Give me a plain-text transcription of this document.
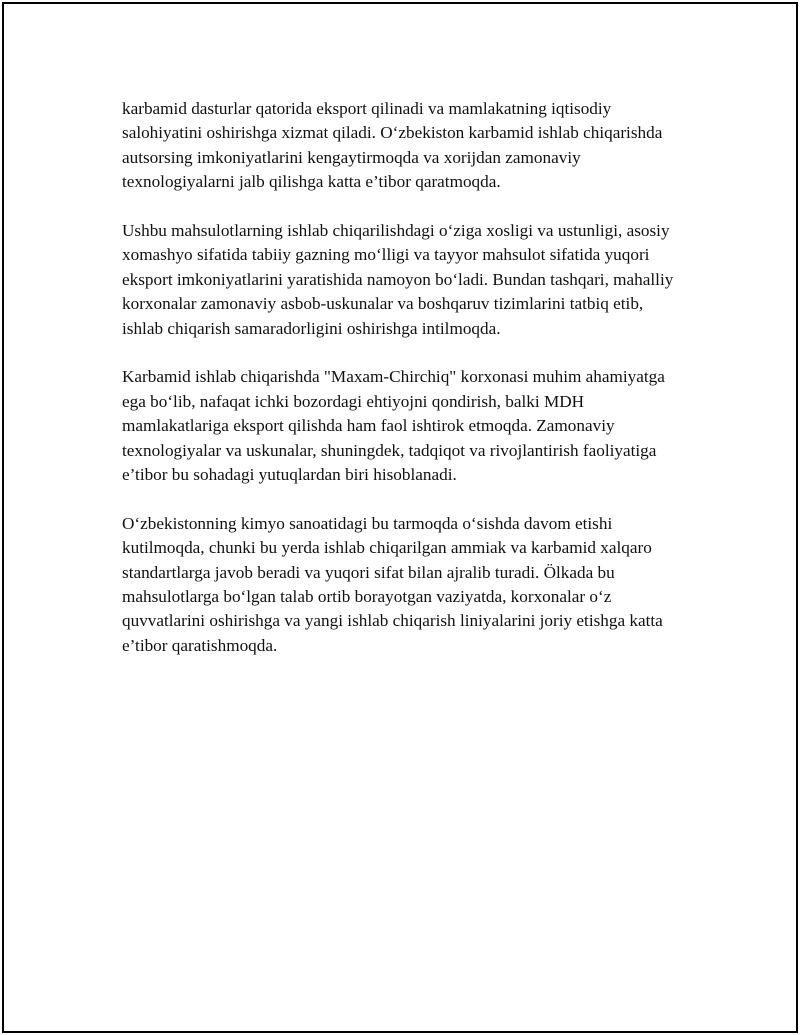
karbamid dasturlar qatorida eksport qilinadi va mamlakatning iqtisodiy salohiyatini oshirishga xizmat qiladi. O‘zbekiston karbamid ishlab chiqarishda autsorsing imkoniyatlarini kengaytirmoqda va xorijdan zamonaviy texnologiyalarni jalb qilishga katta e’tibor qaratmoqda.

Ushbu mahsulotlarning ishlab chiqarilishdagi o‘ziga xosligi va ustunligi, asosiy xomashyo sifatida tabiiy gazning mo‘lligi va tayyor mahsulot sifatida yuqori eksport imkoniyatlarini yaratishida namoyon bo‘ladi. Bundan tashqari, mahalliy korxonalar zamonaviy asbob-uskunalar va boshqaruv tizimlarini tatbiq etib, ishlab chiqarish samaradorligini oshirishga intilmoqda.

Karbamid ishlab chiqarishda "Maxam-Chirchiq" korxonasi muhim ahamiyatga ega bo‘lib, nafaqat ichki bozordagi ehtiyojni qondirish, balki MDH mamlakatlariga eksport qilishda ham faol ishtirok etmoqda. Zamonaviy texnologiyalar va uskunalar, shuningdek, tadqiqot va rivojlantirish faoliyatiga e’tibor bu sohadagi yutuqlardan biri hisoblanadi.

O‘zbekistonning kimyo sanoatidagi bu tarmoqda o‘sishda davom etishi kutilmoqda, chunki bu yerda ishlab chiqarilgan ammiak va karbamid xalqaro standartlarga javob beradi va yuqori sifat bilan ajralib turadi. Ölkada bu mahsulotlarga bo‘lgan talab ortib borayotgan vaziyatda, korxonalar o‘z quvvatlarini oshirishga va yangi ishlab chiqarish liniyalarini joriy etishga katta e’tibor qaratishmoqda.
